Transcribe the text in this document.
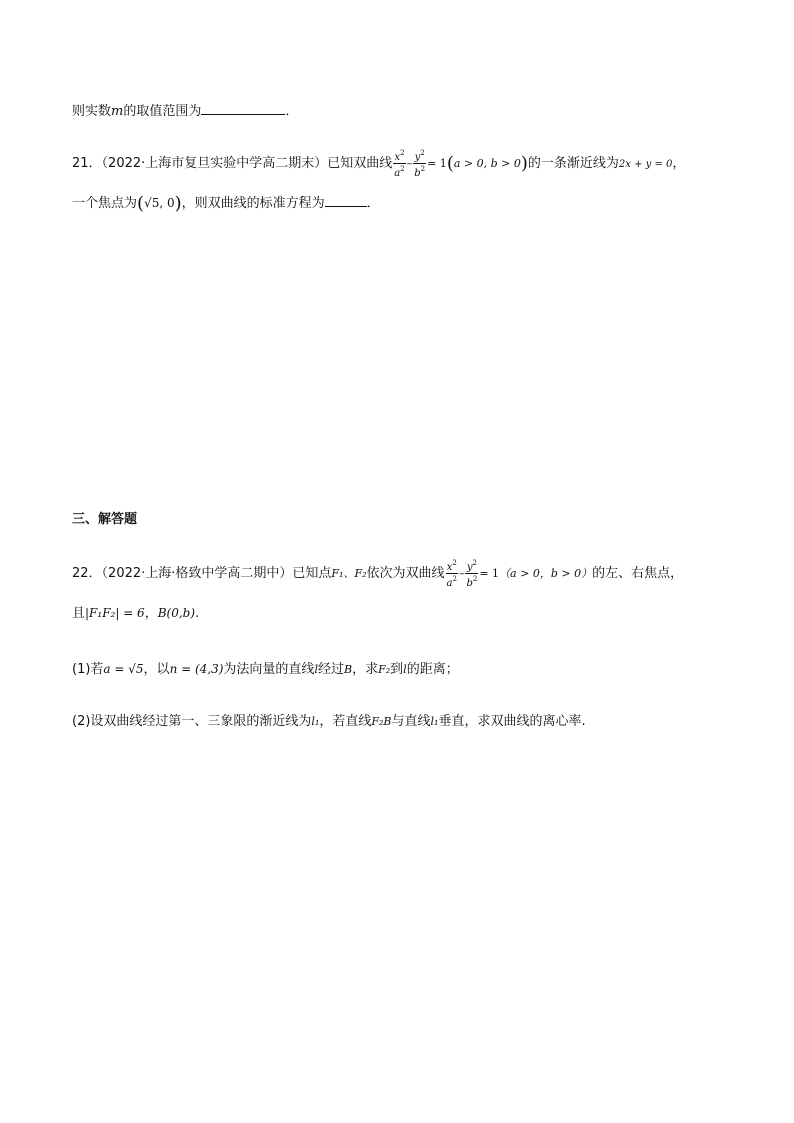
则实数m的取值范围为	．
21．（2022·上海市复旦实验中学高二期末）已知双曲线 $\frac{x^2}{a^2} - \frac{y^2}{b^2} = 1(a > 0$, b > 0)的一条渐近线为2x + y = 0，
一个焦点为(√5, 0)，则双曲线的标准方程为	．
三、解答题
22．（2022·上海·格致中学高二期中）已知点F₁、F₂依次为双曲线 $\frac{x^2}{a^2} - \frac{y^2}{b^2} = 1(a > 0$，b > 0）的左、右焦点，
且|F₁F₂| = 6，B(0,b).
(1)若a = √5，以n = (4,3)为法向量的直线l经过B，求F₂到l的距离；
(2)设双曲线经过第一、三象限的渐近线为l₁，若直线F₂B与直线l₁垂直，求双曲线的离心率.
